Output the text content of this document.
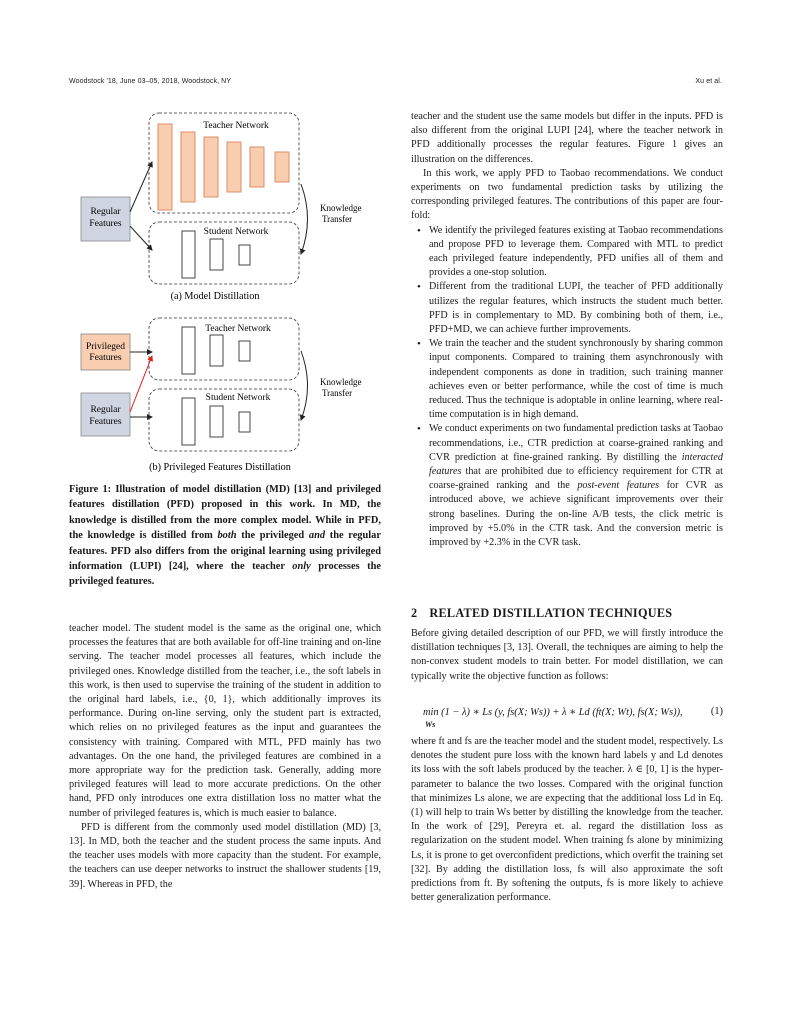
Woodstock '18, June 03–05, 2018, Woodstock, NY	Xu et al.
Teacher Network
Student Network
Regular
Features
Knowledge
Transfer
(a) Model Distillation
Teacher Network
Student Network
Privileged
Features
Regular
Features
Knowledge
Transfer
(b) Privileged Features Distillation
Figure 1: Illustration of model distillation (MD) [13] and privileged features distillation (PFD) proposed in this work. In MD, the knowledge is distilled from the more complex model. While in PFD, the knowledge is distilled from both the privileged and the regular features. PFD also differs from the original learning using privileged information (LUPI) [24], where the teacher only processes the privileged features.

teacher model. The student model is the same as the original one, which processes the features that are both available for off-line training and on-line serving. The teacher model processes all features, which include the privileged ones. Knowledge distilled from the teacher, i.e., the soft labels in this work, is then used to supervise the training of the student in addition to the original hard labels, i.e., {0, 1}, which additionally improves its performance. During on-line serving, only the student part is extracted, which relies on no privileged features as the input and guarantees the consistency with training. Compared with MTL, PFD mainly has two advantages. On the one hand, the privileged features are combined in a more appropriate way for the prediction task. Generally, adding more privileged features will lead to more accurate predictions. On the other hand, PFD only introduces one extra distillation loss no matter what the number of privileged features is, which is much easier to balance.

PFD is different from the commonly used model distillation (MD) [3, 13]. In MD, both the teacher and the student process the same inputs. And the teacher uses models with more capacity than the student. For example, the teachers can use deeper networks to instruct the shallower students [19, 39]. Whereas in PFD, the

teacher and the student use the same models but differ in the inputs. PFD is also different from the original LUPI [24], where the teacher network in PFD additionally processes the regular features. Figure 1 gives an illustration on the differences.

In this work, we apply PFD to Taobao recommendations. We conduct experiments on two fundamental prediction tasks by utilizing the corresponding privileged features. The contributions of this paper are four-fold:

• We identify the privileged features existing at Taobao recommendations and propose PFD to leverage them. Compared with MTL to predict each privileged feature independently, PFD unifies all of them and provides a one-stop solution.
• Different from the traditional LUPI, the teacher of PFD additionally utilizes the regular features, which instructs the student much better. PFD is in complementary to MD. By combining both of them, i.e., PFD+MD, we can achieve further improvements.
• We train the teacher and the student synchronously by sharing common input components. Compared to training them asynchronously with independent components as done in tradition, such training manner achieves even or better performance, while the cost of time is much reduced. Thus the technique is adoptable in online learning, where real-time computation is in high demand.
• We conduct experiments on two fundamental prediction tasks at Taobao recommendations, i.e., CTR prediction at coarse-grained ranking and CVR prediction at fine-grained ranking. By distilling the interacted features that are prohibited due to efficiency requirement for CTR at coarse-grained ranking and the post-event features for CVR as introduced above, we achieve significant improvements over their strong baselines. During the on-line A/B tests, the click metric is improved by +5.0% in the CTR task. And the conversion metric is improved by +2.3% in the CVR task.
2 RELATED DISTILLATION TECHNIQUES

Before giving detailed description of our PFD, we will firstly introduce the distillation techniques [3, 13]. Overall, the techniques are aiming to help the non-convex student models to train better. For model distillation, we can typically write the objective function as follows:

min (1 − λ) ∗ Ls (y, fs(X; Ws)) + λ ∗ Ld (ft(X; Wt), fs(X; Ws)),
Ws
(1)

where ft and fs are the teacher model and the student model, respectively. Ls denotes the student pure loss with the known hard labels y and Ld denotes its loss with the soft labels produced by the teacher. λ ∈ [0, 1] is the hyper-parameter to balance the two losses. Compared with the original function that minimizes Ls alone, we are expecting that the additional loss Ld in Eq.(1) will help to train Ws better by distilling the knowledge from the teacher. In the work of [29], Pereyra et. al. regard the distillation loss as regularization on the student model. When training fs alone by minimizing Ls, it is prone to get overconfident predictions, which overfit the training set [32]. By adding the distillation loss, fs will also approximate the soft predictions from ft. By softening the outputs, fs is more likely to achieve better generalization performance.
